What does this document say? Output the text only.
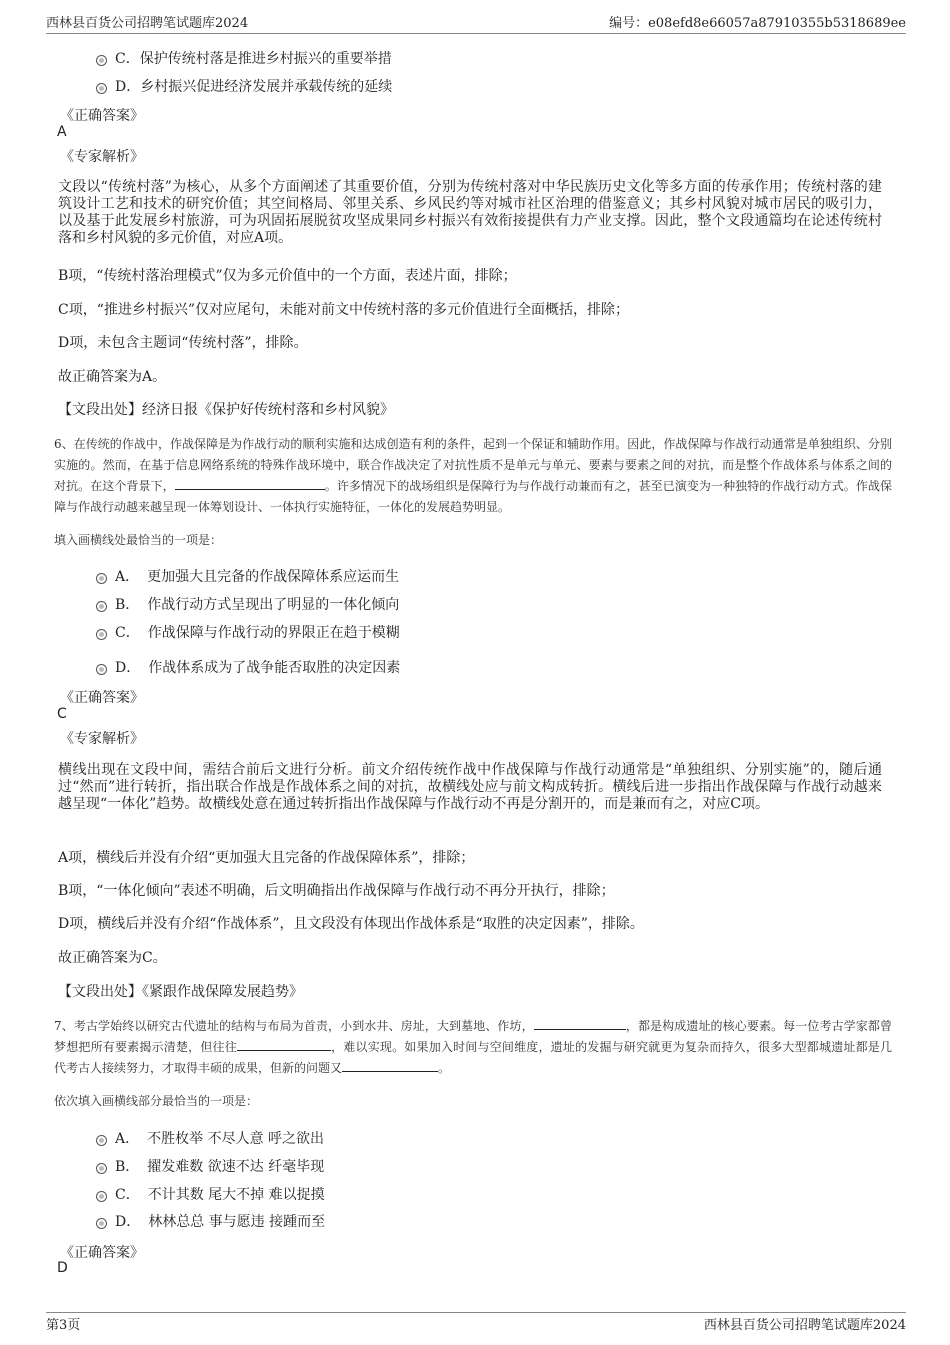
西林县百货公司招聘笔试题库2024	编号：e08efd8e66057a87910355b5318689ee
C． 保护传统村落是推进乡村振兴的重要举措
D． 乡村振兴促进经济发展并承载传统的延续
《正确答案》
A
《专家解析》
文段以“传统村落”为核心，从多个方面阐述了其重要价值，分别为传统村落对中华民族历史文化等多方面的传承作用；传统村落的建筑设计工艺和技术的研究价值；其空间格局、邻里关系、乡风民约等对城市社区治理的借鉴意义；其乡村风貌对城市居民的吸引力，以及基于此发展乡村旅游，可为巩固拓展脱贫攻坚成果同乡村振兴有效衔接提供有力产业支撑。因此，整个文段通篇均在论述传统村落和乡村风貌的多元价值，对应A项。
B项，“传统村落治理模式”仅为多元价值中的一个方面，表述片面，排除；
C项，“推进乡村振兴”仅对应尾句，未能对前文中传统村落的多元价值进行全面概括，排除；
D项，未包含主题词“传统村落”，排除。
故正确答案为A。
【文段出处】经济日报《保护好传统村落和乡村风貌》
6、在传统的作战中，作战保障是为作战行动的顺利实施和达成创造有利的条件，起到一个保证和辅助作用。因此，作战保障与作战行动通常是单独组织、分别实施的。然而，在基于信息网络系统的特殊作战环境中，联合作战决定了对抗性质不是单元与单元、要素与要素之间的对抗，而是整个作战体系与体系之间的对抗。在这个背景下，	。许多情况下的战场组织是保障行为与作战行动兼而有之，甚至已演变为一种独特的作战行动方式。作战保障与作战行动越来越呈现一体筹划设计、一体执行实施特征，一体化的发展趋势明显。
填入画横线处最恰当的一项是：
A． 更加强大且完备的作战保障体系应运而生
B． 作战行动方式呈现出了明显的一体化倾向
C． 作战保障与作战行动的界限正在趋于模糊
D． 作战体系成为了战争能否取胜的决定因素
《正确答案》
C
《专家解析》
横线出现在文段中间，需结合前后文进行分析。前文介绍传统作战中作战保障与作战行动通常是“单独组织、分别实施”的，随后通过“然而”进行转折，指出联合作战是作战体系之间的对抗，故横线处应与前文构成转折。横线后进一步指出作战保障与作战行动越来越呈现“一体化”趋势。故横线处意在通过转折指出作战保障与作战行动不再是分割开的，而是兼而有之，对应C项。
A项，横线后并没有介绍“更加强大且完备的作战保障体系”，排除；
B项，“一体化倾向”表述不明确，后文明确指出作战保障与作战行动不再分开执行，排除；
D项，横线后并没有介绍“作战体系”，且文段没有体现出作战体系是“取胜的决定因素”，排除。
故正确答案为C。
【文段出处】《紧跟作战保障发展趋势》
7、考古学始终以研究古代遗址的结构与布局为首责，小到水井、房址，大到墓地、作坊，	，都是构成遗址的核心要素。每一位考古学家都曾梦想把所有要素揭示清楚，但往往	，难以实现。如果加入时间与空间维度，遗址的发掘与研究就更为复杂而持久，很多大型都城遗址都是几代考古人接续努力，才取得丰硕的成果，但新的问题又	。
依次填入画横线部分最恰当的一项是：
A． 不胜枚举 不尽人意 呼之欲出
B． 擢发难数 欲速不达 纤毫毕现
C． 不计其数 尾大不掉 难以捉摸
D． 林林总总 事与愿违 接踵而至
《正确答案》
D
第3页	西林县百货公司招聘笔试题库2024
